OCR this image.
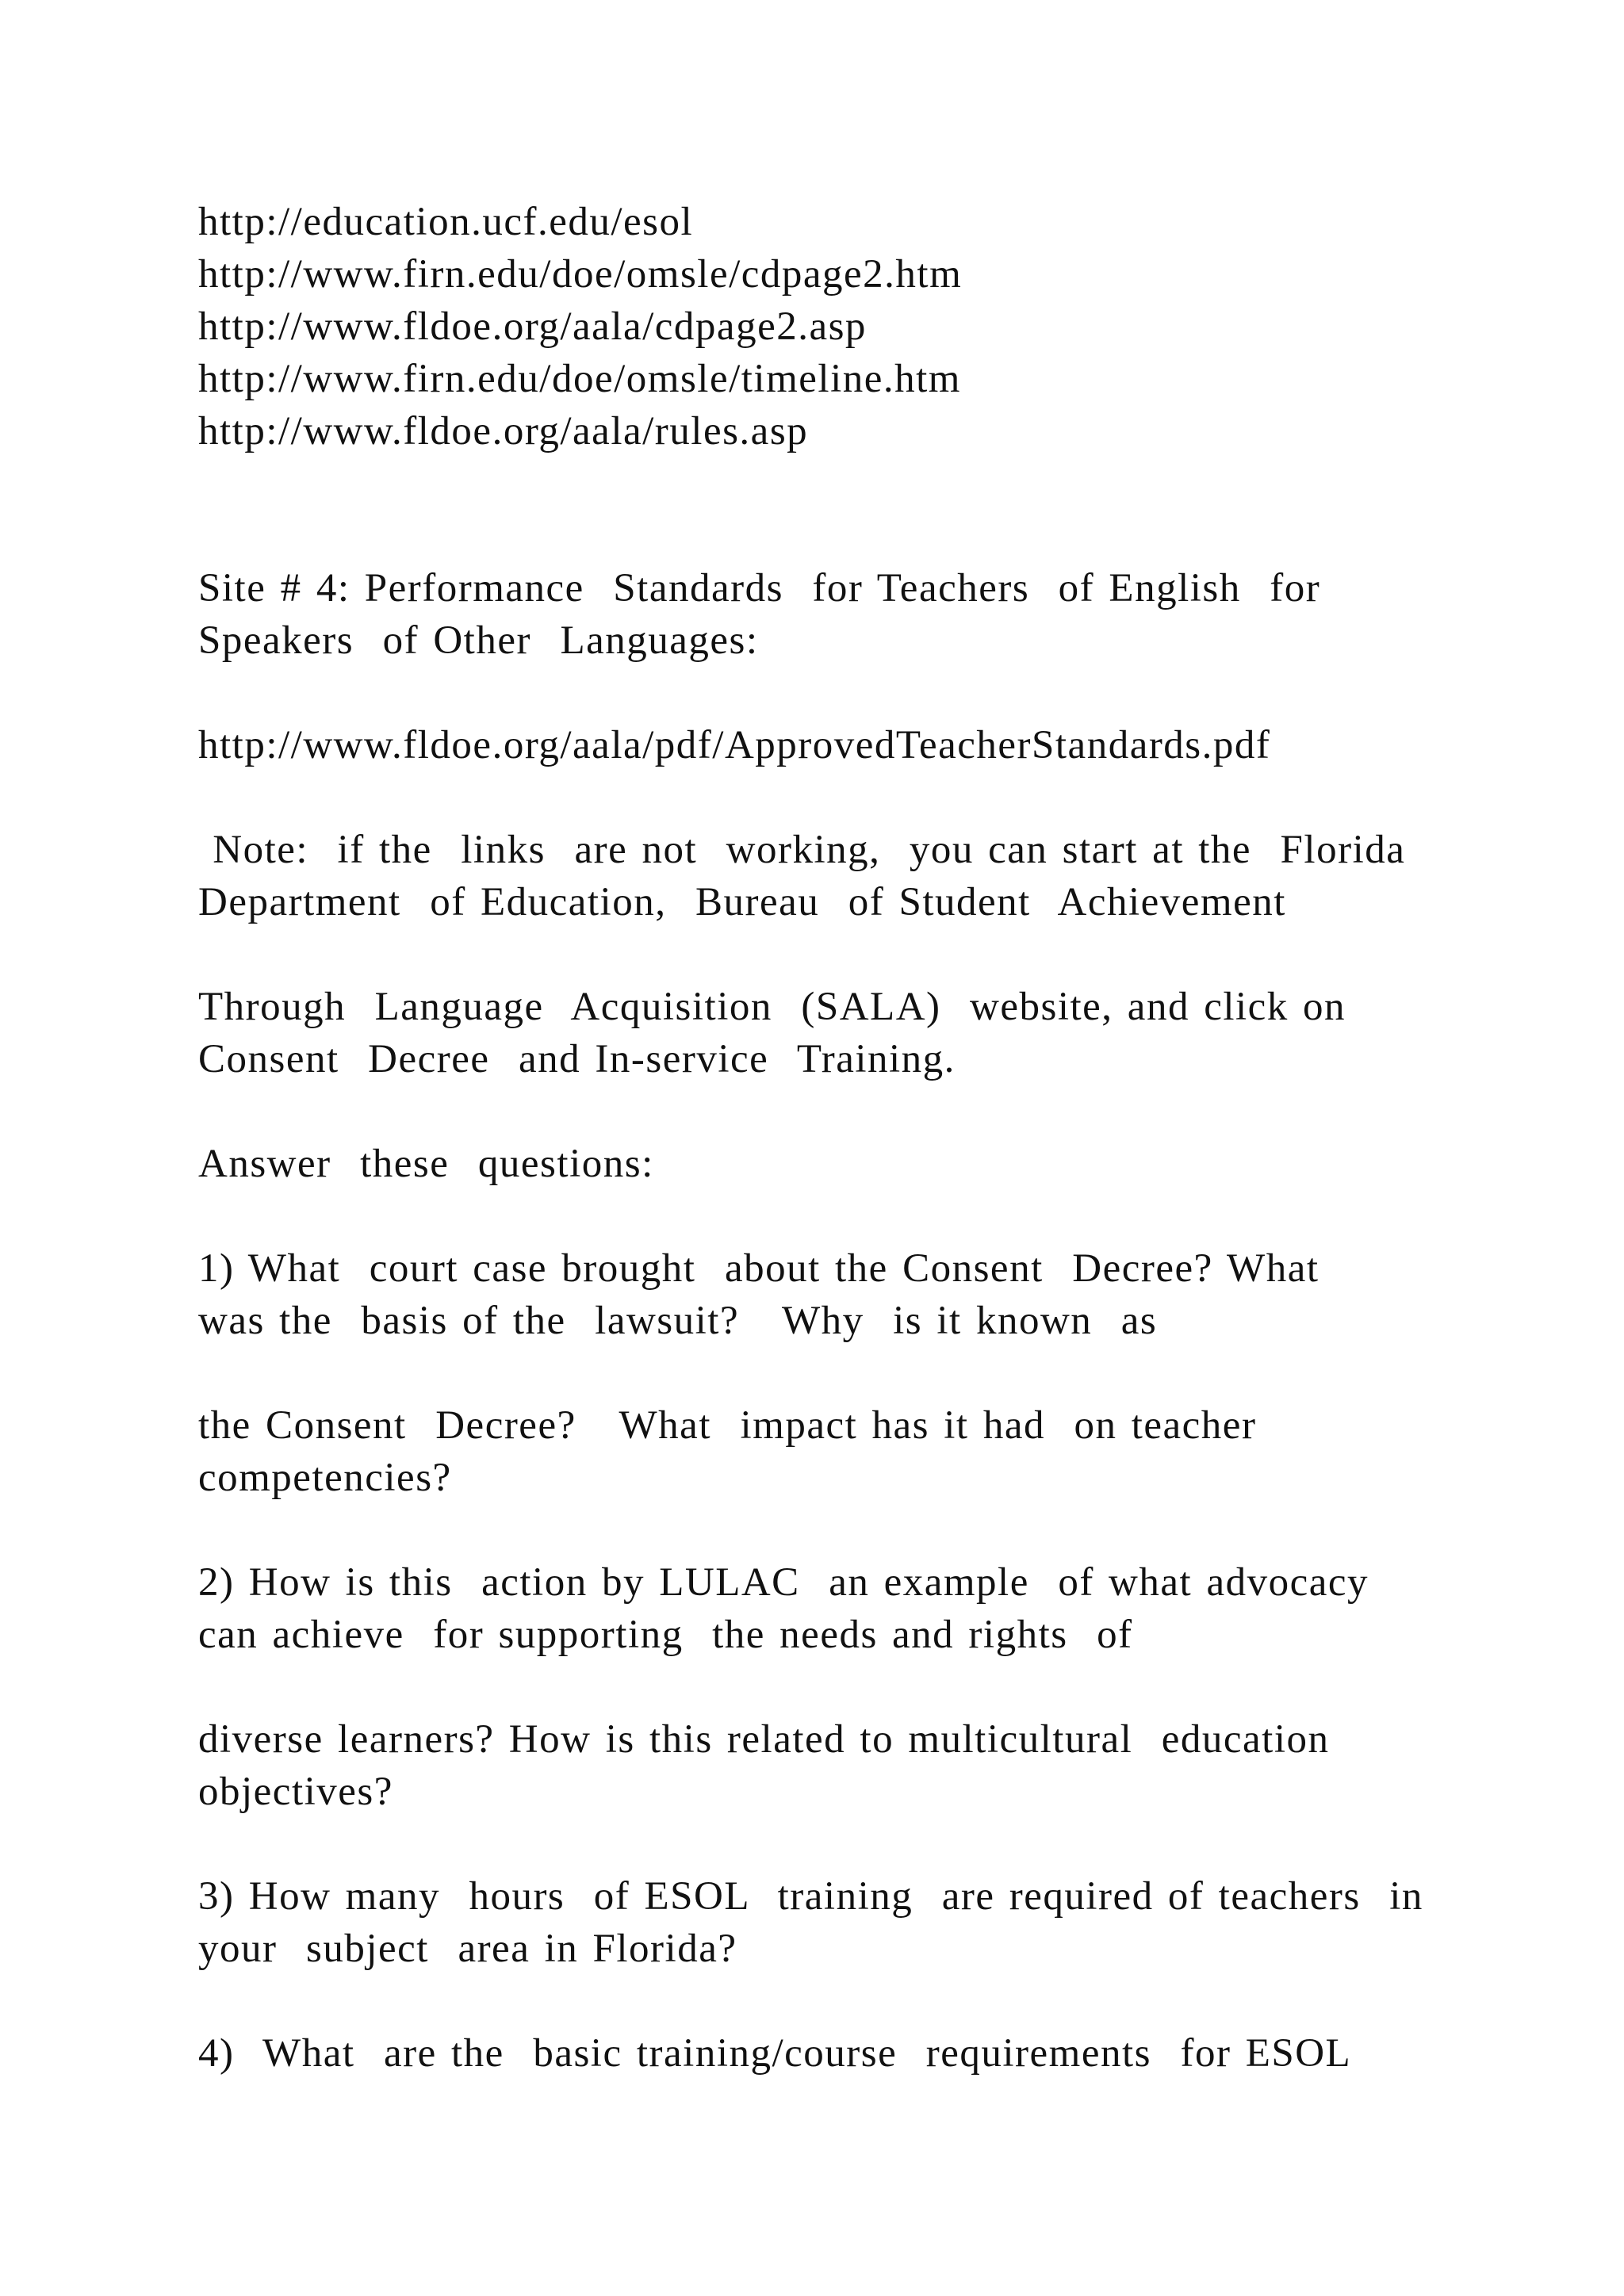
http://education.ucf.edu/esol
http://www.firn.edu/doe/omsle/cdpage2.htm
http://www.fldoe.org/aala/cdpage2.asp
http://www.firn.edu/doe/omsle/timeline.htm
http://www.fldoe.org/aala/rules.asp
Site # 4: Performance  Standards  for Teachers  of English  for
Speakers  of Other  Languages:
http://www.fldoe.org/aala/pdf/ApprovedTeacherStandards.pdf
Note:  if the  links  are not  working,  you can start at the  Florida
Department  of Education,  Bureau  of Student  Achievement
Through  Language  Acquisition  (SALA)  website, and click on
Consent  Decree  and In-service  Training.
Answer  these  questions:
1) What  court case brought  about the Consent  Decree? What
was the  basis of the  lawsuit?   Why  is it known  as
the Consent  Decree?   What  impact has it had  on teacher
competencies?
2) How is this  action by LULAC  an example  of what advocacy
can achieve  for supporting  the needs and rights  of
diverse learners? How is this related to multicultural  education
objectives?
3) How many  hours  of ESOL  training  are required of teachers  in
your  subject  area in Florida?
4)  What  are the  basic training/course  requirements  for ESOL
